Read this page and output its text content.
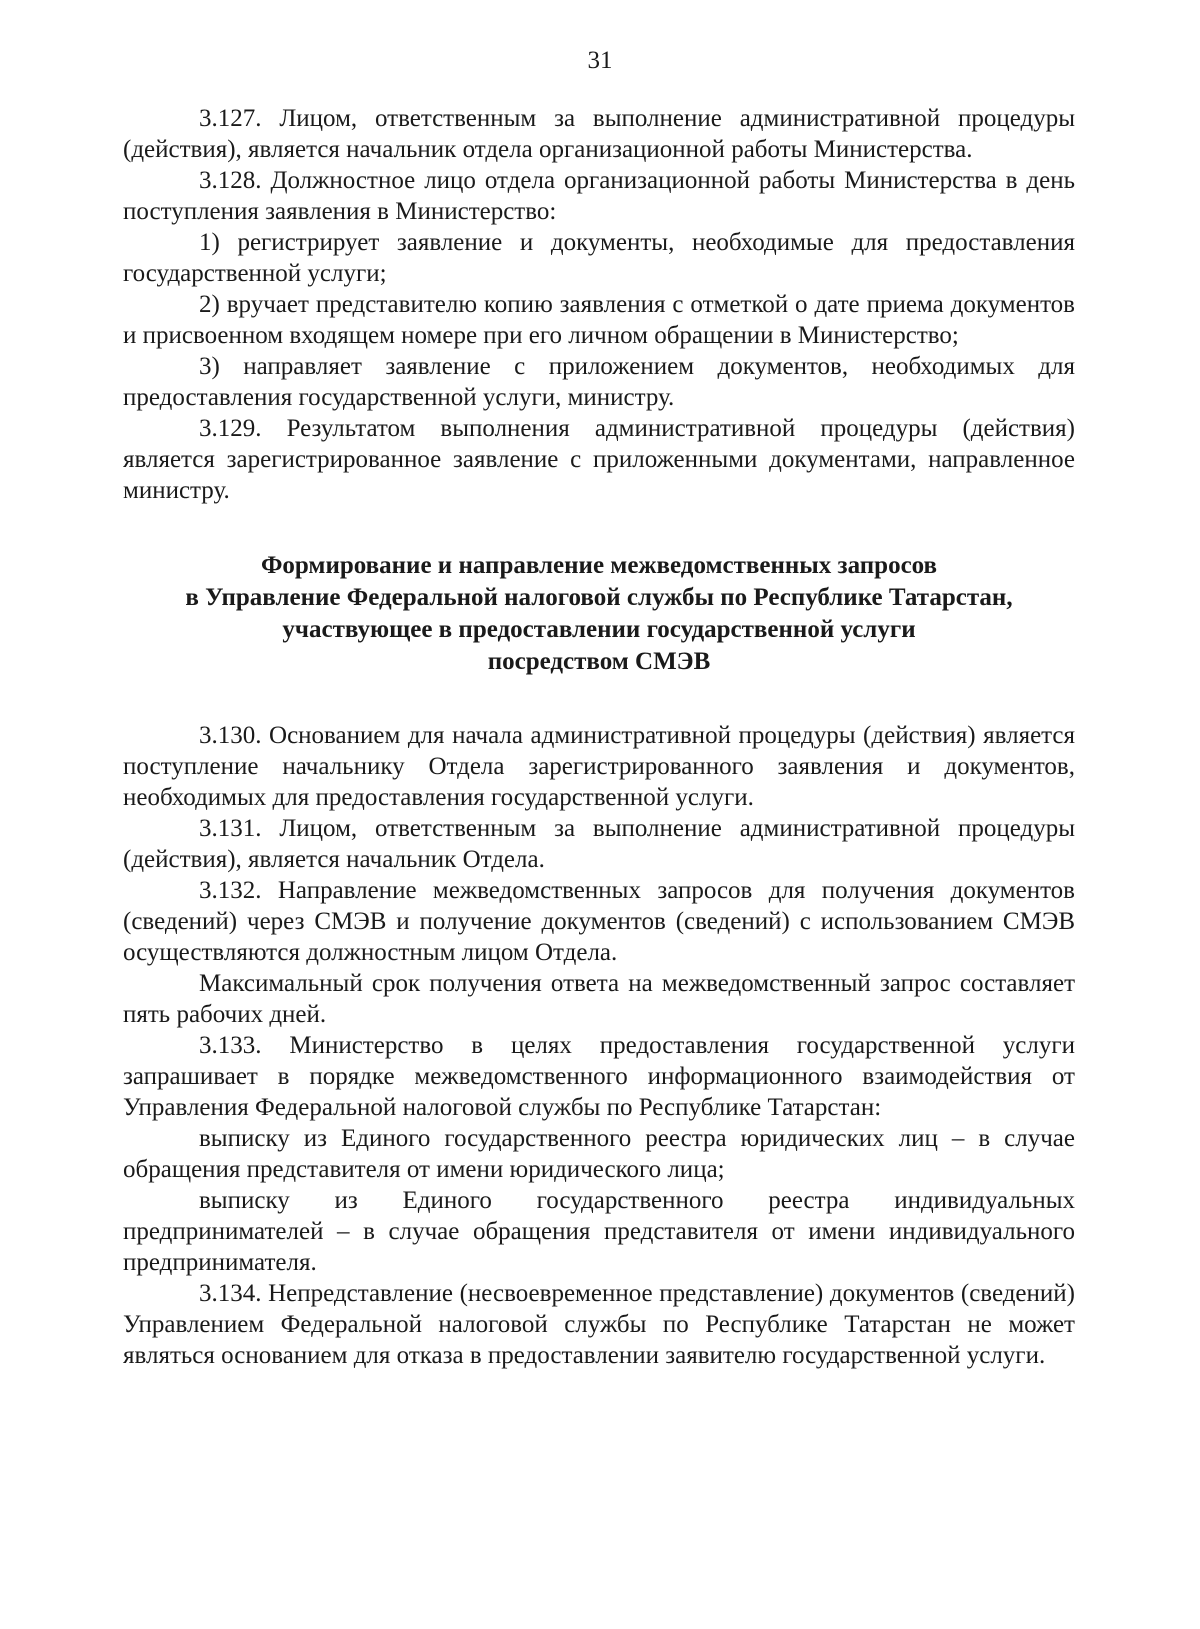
31

3.127. Лицом, ответственным за выполнение административной процедуры (действия), является начальник отдела организационной работы Министерства.

3.128. Должностное лицо отдела организационной работы Министерства в день поступления заявления в Министерство:

1) регистрирует заявление и документы, необходимые для предоставления государственной услуги;

2) вручает представителю копию заявления с отметкой о дате приема документов и присвоенном входящем номере при его личном обращении в Министерство;

3) направляет заявление с приложением документов, необходимых для предоставления государственной услуги, министру.

3.129. Результатом выполнения административной процедуры (действия) является зарегистрированное заявление с приложенными документами, направленное министру.

Формирование и направление межведомственных запросов
в Управление Федеральной налоговой службы по Республике Татарстан,
участвующее в предоставлении государственной услуги
посредством СМЭВ

3.130. Основанием для начала административной процедуры (действия) является поступление начальнику Отдела зарегистрированного заявления и документов, необходимых для предоставления государственной услуги.

3.131. Лицом, ответственным за выполнение административной процедуры (действия), является начальник Отдела.

3.132. Направление межведомственных запросов для получения документов (сведений) через СМЭВ и получение документов (сведений) с использованием СМЭВ осуществляются должностным лицом Отдела.

Максимальный срок получения ответа на межведомственный запрос составляет пять рабочих дней.

3.133. Министерство в целях предоставления государственной услуги запрашивает в порядке межведомственного информационного взаимодействия от Управления Федеральной налоговой службы по Республике Татарстан:

выписку из Единого государственного реестра юридических лиц – в случае обращения представителя от имени юридического лица;

выписку из Единого государственного реестра индивидуальных предпринимателей – в случае обращения представителя от имени индивидуального предпринимателя.

3.134. Непредставление (несвоевременное представление) документов (сведений) Управлением Федеральной налоговой службы по Республике Татарстан не может являться основанием для отказа в предоставлении заявителю государственной услуги.
